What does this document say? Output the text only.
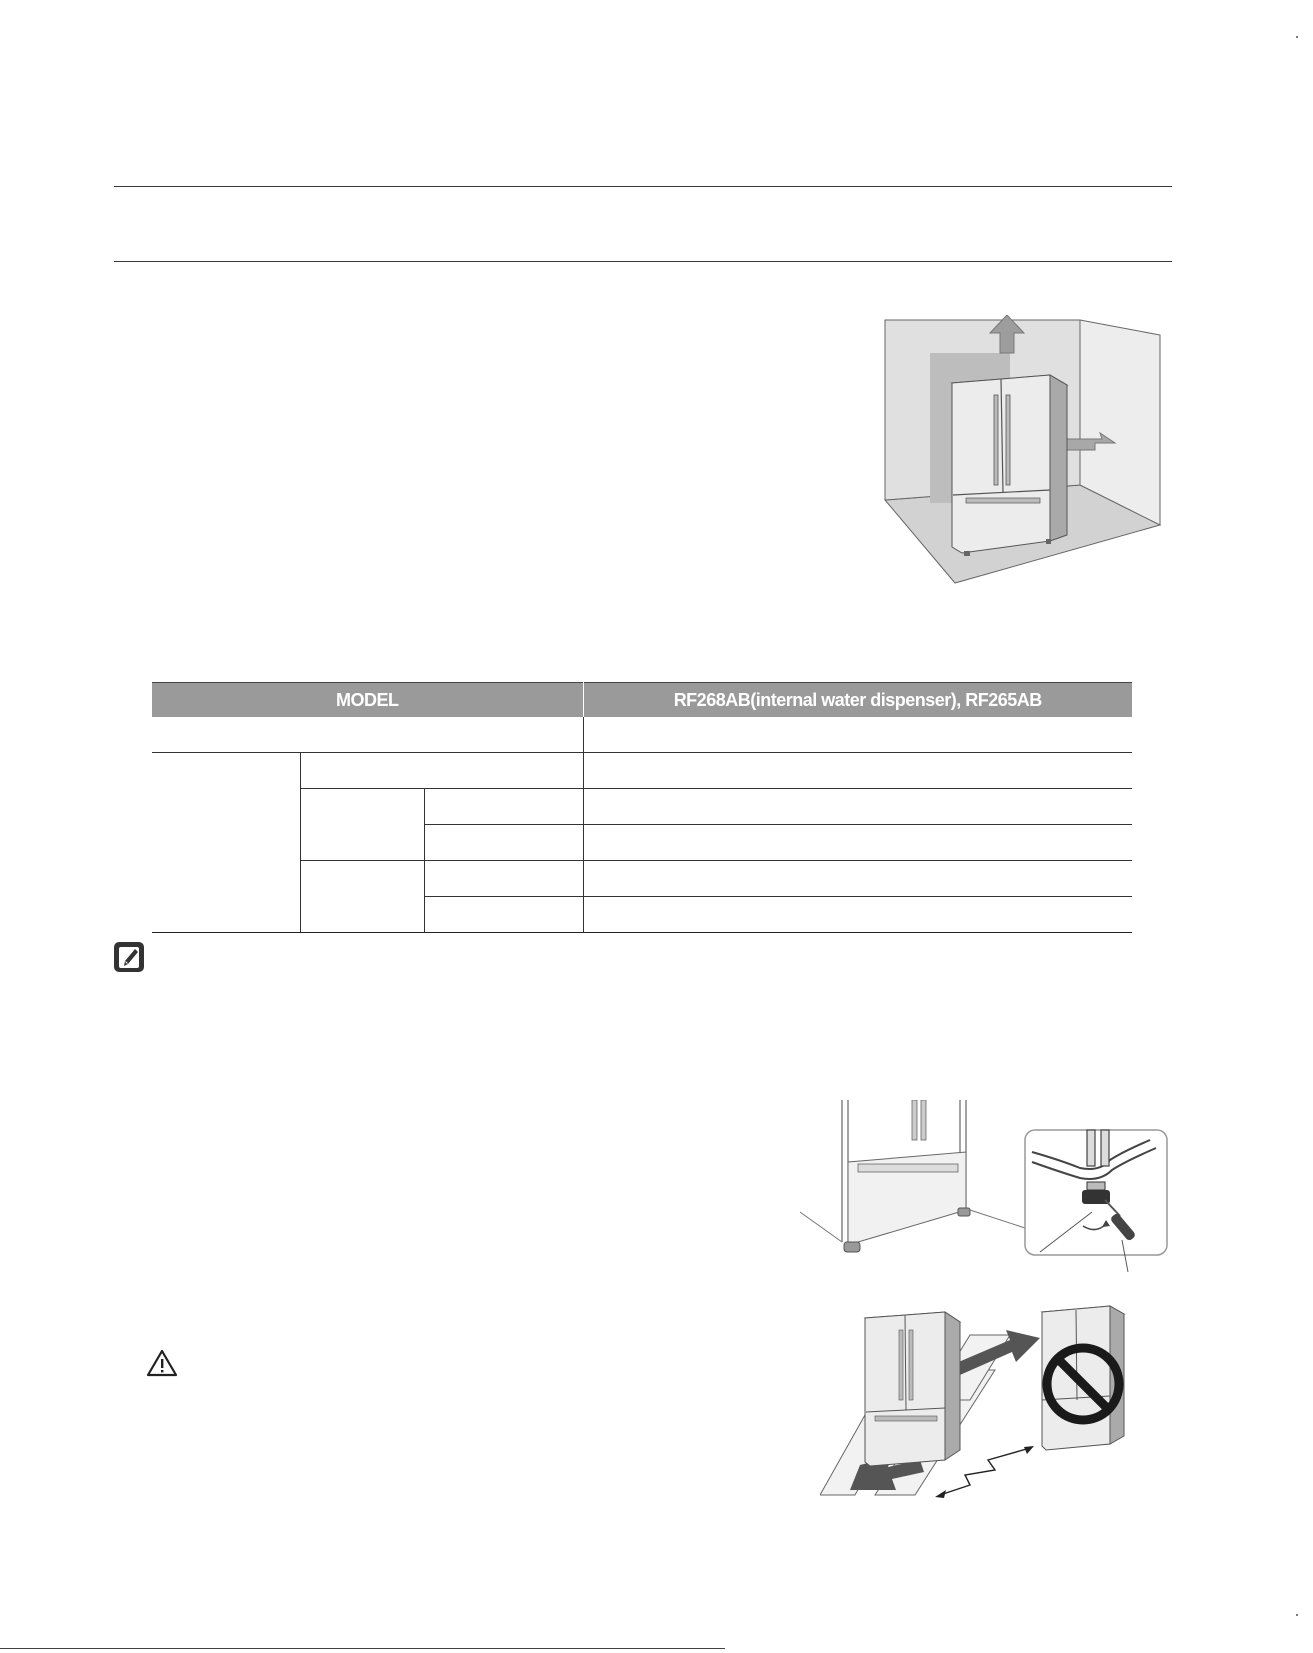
MODEL			RF268AB(internal water dispenser), RF265AB
